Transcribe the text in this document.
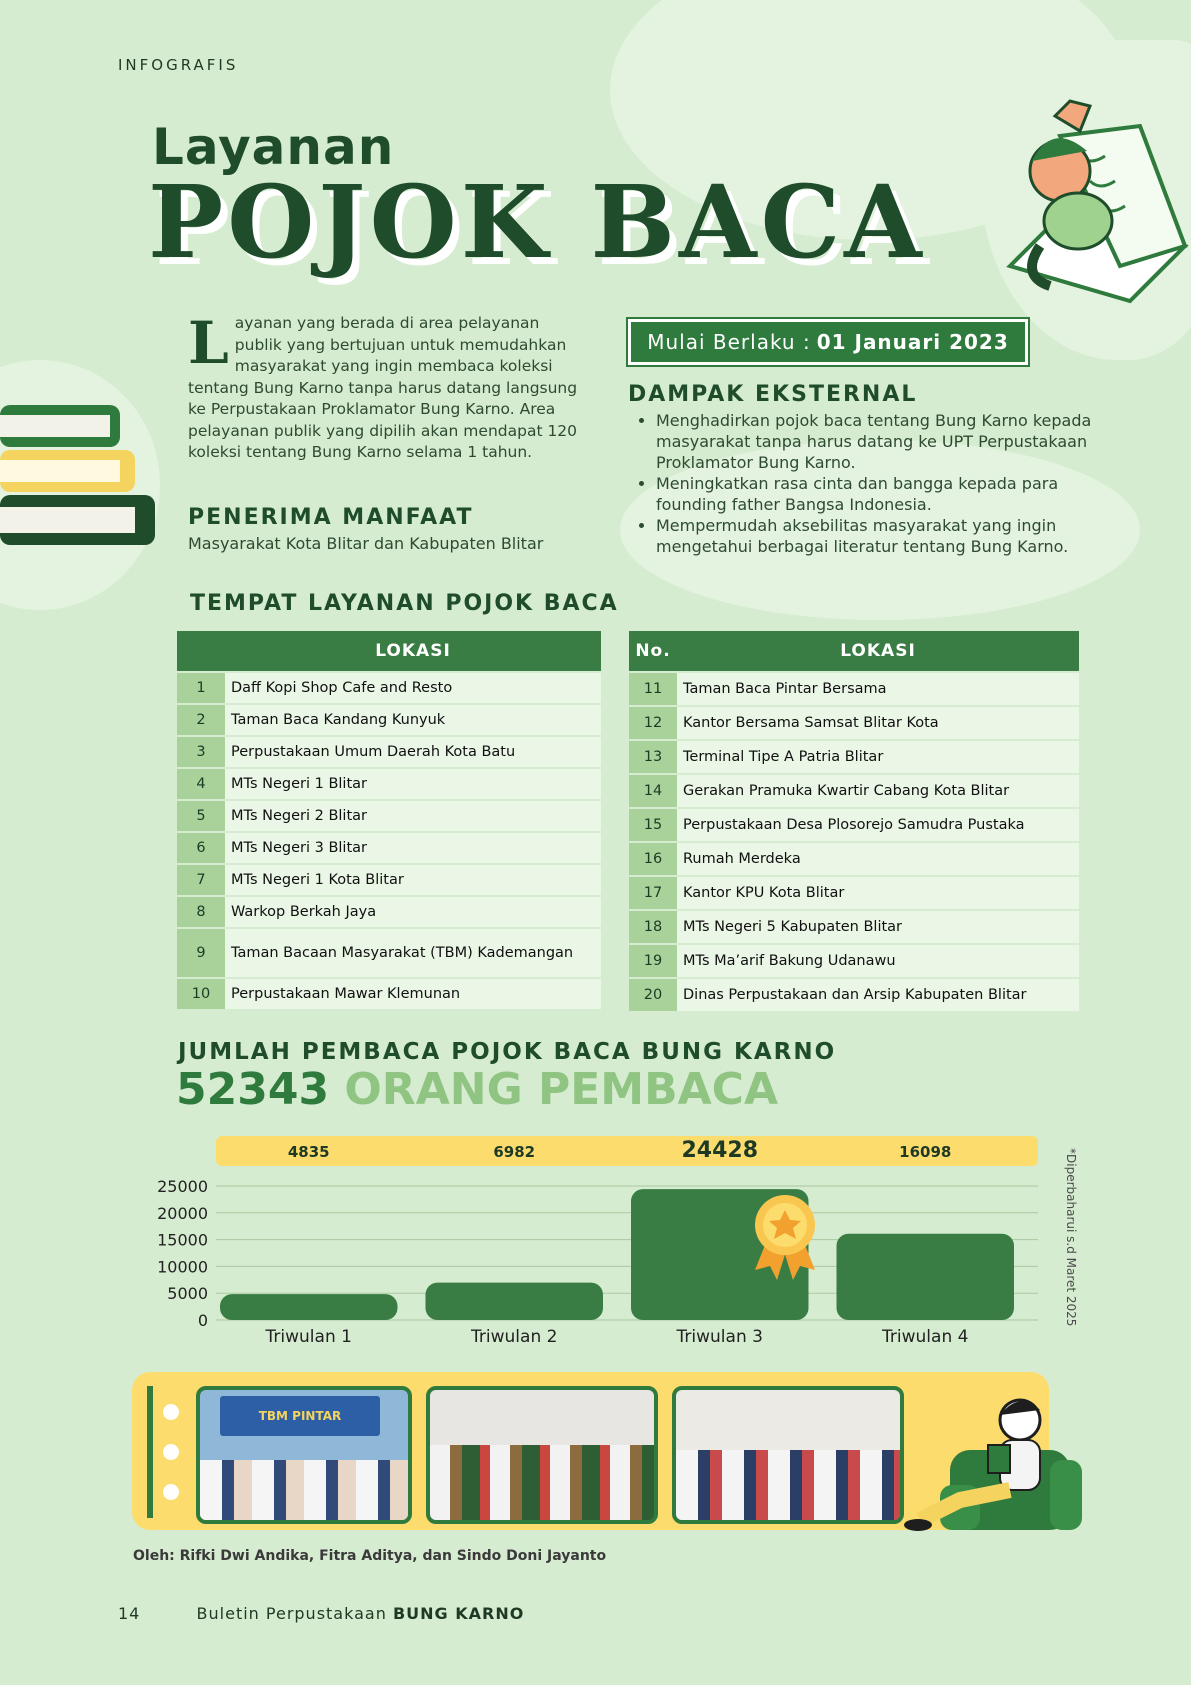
INFOGRAFIS
Layanan
POJOK BACA
Layanan yang berada di area pelayanan publik yang bertujuan untuk memudahkan masyarakat yang ingin membaca koleksi tentang Bung Karno tanpa harus datang langsung ke Perpustakaan Proklamator Bung Karno. Area pelayanan publik yang dipilih akan mendapat 120 koleksi tentang Bung Karno selama 1 tahun.
PENERIMA MANFAAT
Masyarakat Kota Blitar dan Kabupaten Blitar
Mulai Berlaku : 01 Januari 2023
DAMPAK EKSTERNAL
• Menghadirkan pojok baca tentang Bung Karno kepada masyarakat tanpa harus datang ke UPT Perpustakaan Proklamator Bung Karno.
• Meningkatkan rasa cinta dan bangga kepada para founding father Bangsa Indonesia.
• Mempermudah aksebilitas masyarakat yang ingin mengetahui berbagai literatur tentang Bung Karno.
TEMPAT LAYANAN POJOK BACA
	LOKASI
1	Daff Kopi Shop Cafe and Resto
2	Taman Baca Kandang Kunyuk
3	Perpustakaan Umum Daerah Kota Batu
4	MTs Negeri 1 Blitar
5	MTs Negeri 2 Blitar
6	MTs Negeri 3 Blitar
7	MTs Negeri 1 Kota Blitar
8	Warkop Berkah Jaya
9	Taman Bacaan Masyarakat (TBM) Kademangan
10	Perpustakaan Mawar Klemunan
No.	LOKASI
11	Taman Baca Pintar Bersama
12	Kantor Bersama Samsat Blitar Kota
13	Terminal Tipe A Patria Blitar
14	Gerakan Pramuka Kwartir Cabang Kota Blitar
15	Perpustakaan Desa Plosorejo Samudra Pustaka
16	Rumah Merdeka
17	Kantor KPU Kota Blitar
18	MTs Negeri 5 Kabupaten Blitar
19	MTs Ma’arif Bakung Udanawu
20	Dinas Perpustakaan dan Arsip Kabupaten Blitar
JUMLAH PEMBACA POJOK BACA BUNG KARNO
52343 ORANG PEMBACA
0
5000
10000
15000
20000
25000
4835
Triwulan 1
6982
Triwulan 2
24428
Triwulan 3
16098
Triwulan 4
*Diperbaharui s.d Maret 2025
TBM PINTAR
Oleh: Rifki Dwi Andika, Fitra Aditya, dan Sindo Doni Jayanto
14	Buletin Perpustakaan BUNG KARNO
